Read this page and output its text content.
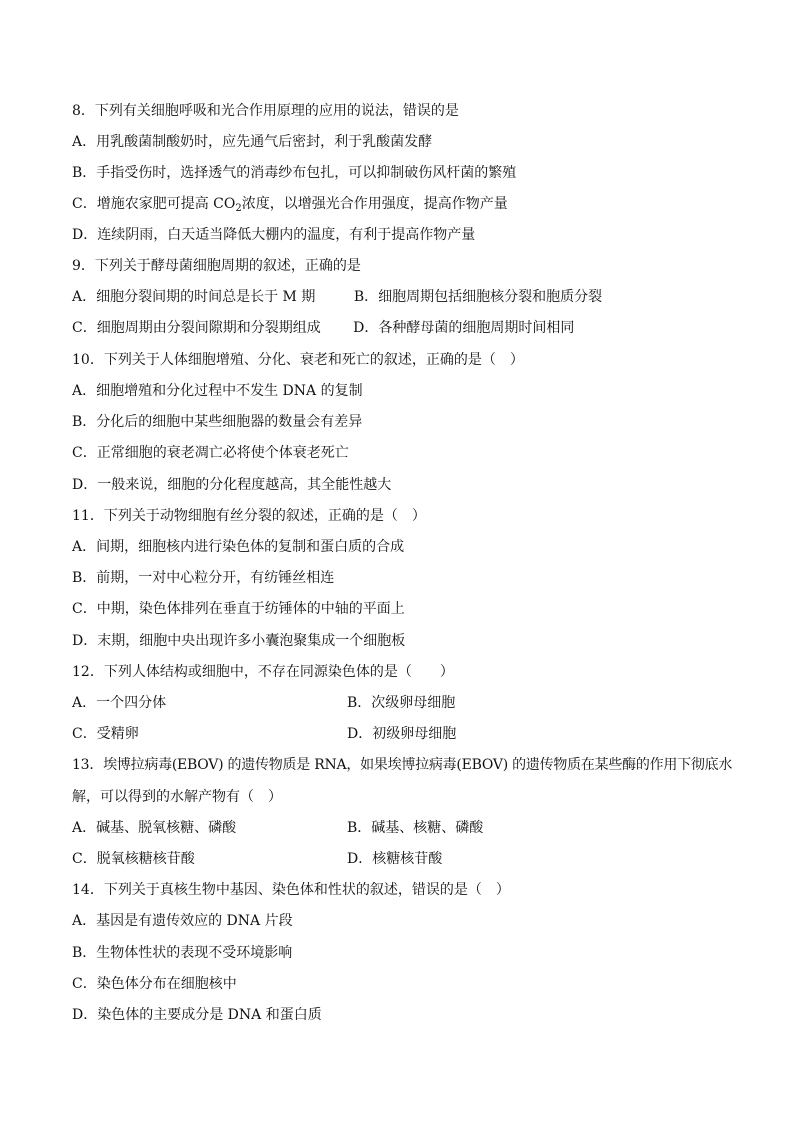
8．下列有关细胞呼吸和光合作用原理的应用的说法，错误的是
A．用乳酸菌制酸奶时，应先通气后密封，利于乳酸菌发酵
B．手指受伤时，选择透气的消毒纱布包扎，可以抑制破伤风杆菌的繁殖
C．增施农家肥可提高 $CO_2$浓度，以增强光合作用强度，提高作物产量
D．连续阴雨，白天适当降低大棚内的温度，有利于提高作物产量
9．下列关于酵母菌细胞周期的叙述，正确的是
A．细胞分裂间期的时间总是长于 M 期	B．细胞周期包括细胞核分裂和胞质分裂
C．细胞周期由分裂间隙期和分裂期组成 D．各种酵母菌的细胞周期时间相同
10．下列关于人体细胞增殖、分化、衰老和死亡的叙述，正确的是（　）
A．细胞增殖和分化过程中不发生 DNA 的复制
B．分化后的细胞中某些细胞器的数量会有差异
C．正常细胞的衰老凋亡必将使个体衰老死亡
D．一般来说，细胞的分化程度越高，其全能性越大
11．下列关于动物细胞有丝分裂的叙述，正确的是（　）
A．间期，细胞核内进行染色体的复制和蛋白质的合成
B．前期，一对中心粒分开，有纺锤丝相连
C．中期，染色体排列在垂直于纺锤体的中轴的平面上
D．末期，细胞中央出现许多小囊泡聚集成一个细胞板
12．下列人体结构或细胞中，不存在同源染色体的是（　　）
A．一个四分体	B．次级卵母细胞
C．受精卵	D．初级卵母细胞
13．埃博拉病毒(EBOV) 的遗传物质是 RNA，如果埃博拉病毒(EBOV) 的遗传物质在某些酶的作用下彻底水
解，可以得到的水解产物有（　）
A．碱基、脱氧核糖、磷酸	B．碱基、核糖、磷酸
C．脱氧核糖核苷酸	D．核糖核苷酸
14．下列关于真核生物中基因、染色体和性状的叙述，错误的是（　）
A．基因是有遗传效应的 DNA 片段
B．生物体性状的表现不受环境影响
C．染色体分布在细胞核中
D．染色体的主要成分是 DNA 和蛋白质
